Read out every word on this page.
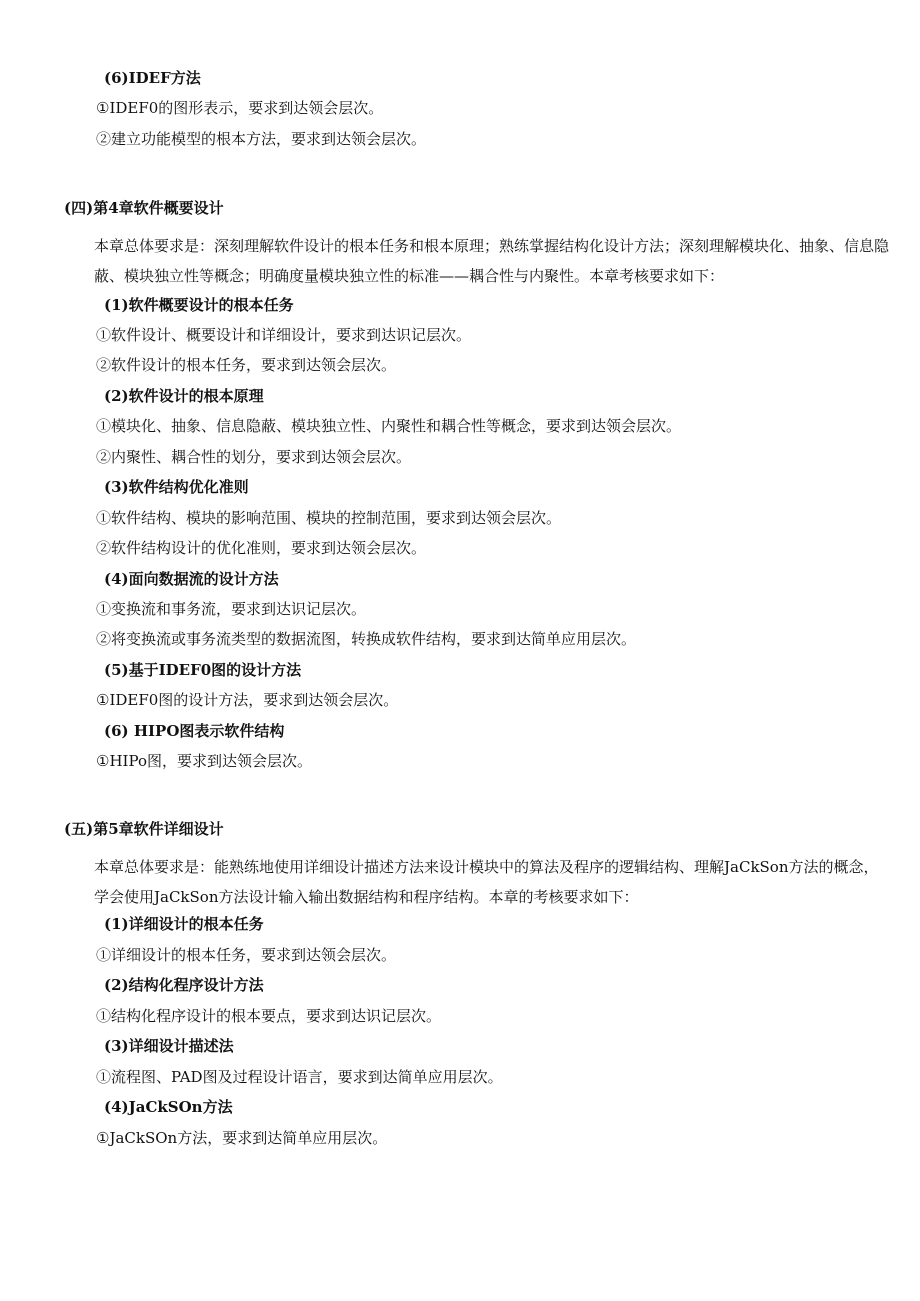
(6)IDEF方法
①IDEF0的图形表示，要求到达领会层次。
②建立功能模型的根本方法，要求到达领会层次。
(四)第4章软件概要设计
本章总体要求是：深刻理解软件设计的根本任务和根本原理；熟练掌握结构化设计方法；深刻理解模块化、抽象、信息隐蔽、模块独立性等概念；明确度量模块独立性的标准——耦合性与内聚性。本章考核要求如下：
(1)软件概要设计的根本任务
①软件设计、概要设计和详细设计，要求到达识记层次。
②软件设计的根本任务，要求到达领会层次。
(2)软件设计的根本原理
①模块化、抽象、信息隐蔽、模块独立性、内聚性和耦合性等概念，要求到达领会层次。
②内聚性、耦合性的划分，要求到达领会层次。
(3)软件结构优化准则
①软件结构、模块的影响范围、模块的控制范围，要求到达领会层次。
②软件结构设计的优化准则，要求到达领会层次。
(4)面向数据流的设计方法
①变换流和事务流，要求到达识记层次。
②将变换流或事务流类型的数据流图，转换成软件结构，要求到达简单应用层次。
(5)基于IDEF0图的设计方法
①IDEF0图的设计方法，要求到达领会层次。
(6) HIPO图表示软件结构
①HIPo图，要求到达领会层次。
(五)第5章软件详细设计
本章总体要求是：能熟练地使用详细设计描述方法来设计模块中的算法及程序的逻辑结构、理解JaCkSon方法的概念，学会使用JaCkSon方法设计输入输出数据结构和程序结构。本章的考核要求如下：
(1)详细设计的根本任务
①详细设计的根本任务，要求到达领会层次。
(2)结构化程序设计方法
①结构化程序设计的根本要点，要求到达识记层次。
(3)详细设计描述法
①流程图、PAD图及过程设计语言，要求到达简单应用层次。
(4)JaCkSOn方法
①JaCkSOn方法，要求到达简单应用层次。
